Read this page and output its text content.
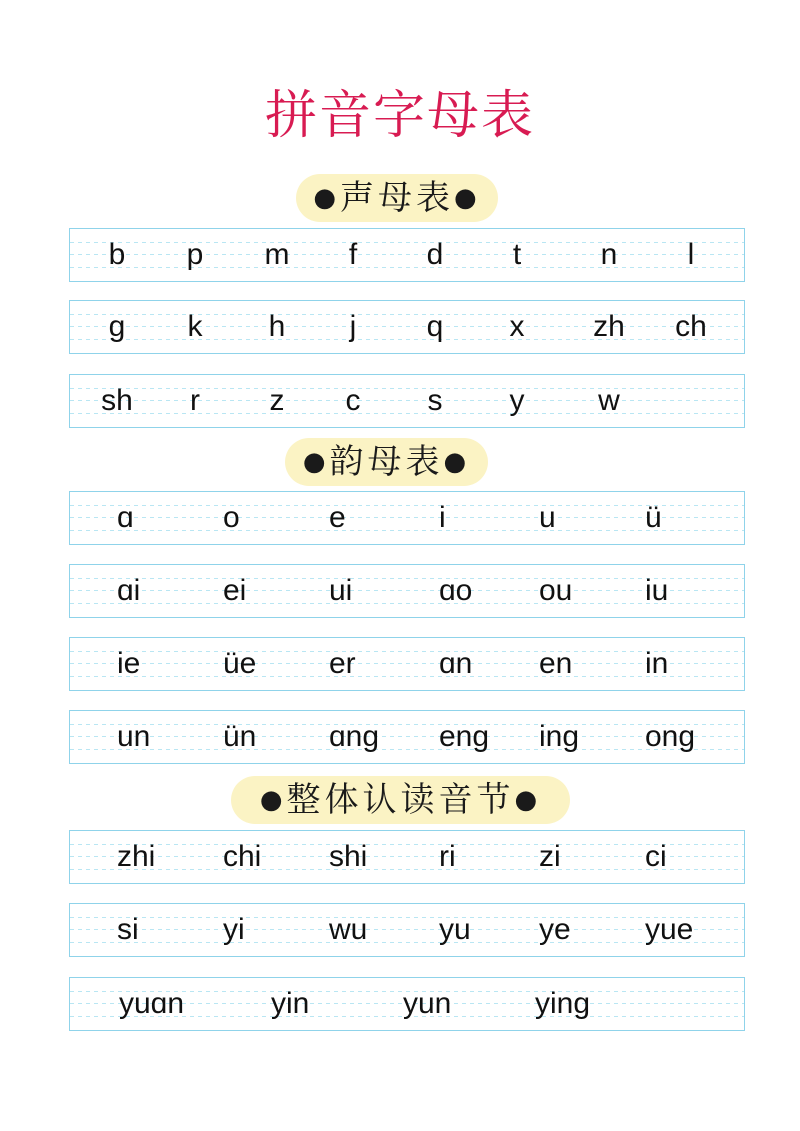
拼音字母表
●声母表●
b p m f d t	n l
g k h j q x zh ch
sh r z c s y w
●韵母表●
ɑ	o	e	i	u	ü
ɑi	ei	ui	ɑo ou iu
ie	üe er	ɑn en in
un ün ɑng eng ing ong
●整体认读音节●
zhi chi shi ri	zi	ci
si	yi	wu yu ye yue
yuɑn	yin	yun	ying
